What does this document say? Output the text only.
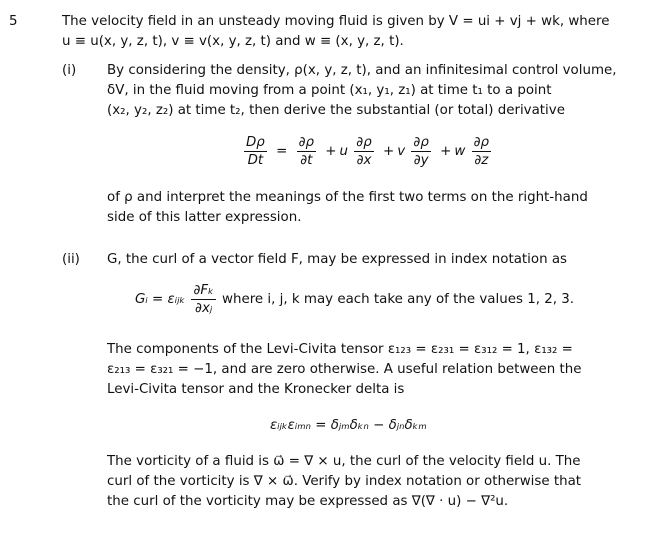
5	The velocity field in an unsteady moving fluid is given by V = ui + vj + wk, where
u ≡ u(x, y, z, t), v ≡ v(x, y, z, t) and w ≡ (x, y, z, t).
(i) By considering the density, ρ(x, y, z, t), and an infinitesimal control volume,
δV, in the fluid moving from a point (x₁, y₁, z₁) at time t₁ to a point
(x₂, y₂, z₂) at time t₂, then derive the substantial (or total) derivative
$\frac{D\rho}{Dt} = \frac{\partial\rho}{\partial t} + u \frac{\partial\rho}{\partial x} + v \frac{\partial\rho}{\partial y} + w \frac{\partial\rho}{\partial z}$
of ρ and interpret the meanings of the first two terms on the right-hand
side of this latter expression.
(ii) G, the curl of a vector field F, may be expressed in index notation as
Gᵢ = εᵢⱼₖ $\frac{\text{∂Fₖ}}{\text{∂xⱼ}}$ where i, j, k may each take any of the values 1, 2, 3.
The components of the Levi-Civita tensor ε₁₂₃ = ε₂₃₁ = ε₃₁₂ = 1, ε₁₃₂ =
ε₂₁₃ = ε₃₂₁ = −1, and are zero otherwise. A useful relation between the
Levi-Civita tensor and the Kronecker delta is
εᵢⱼₖεᵢₘₙ = δⱼₘδₖₙ − δⱼₙδₖₘ
The vorticity of a fluid is ω⃗ = ∇ × u, the curl of the velocity field u. The
curl of the vorticity is ∇ × ω⃗. Verify by index notation or otherwise that
the curl of the vorticity may be expressed as ∇(∇ · u) − ∇²u.
